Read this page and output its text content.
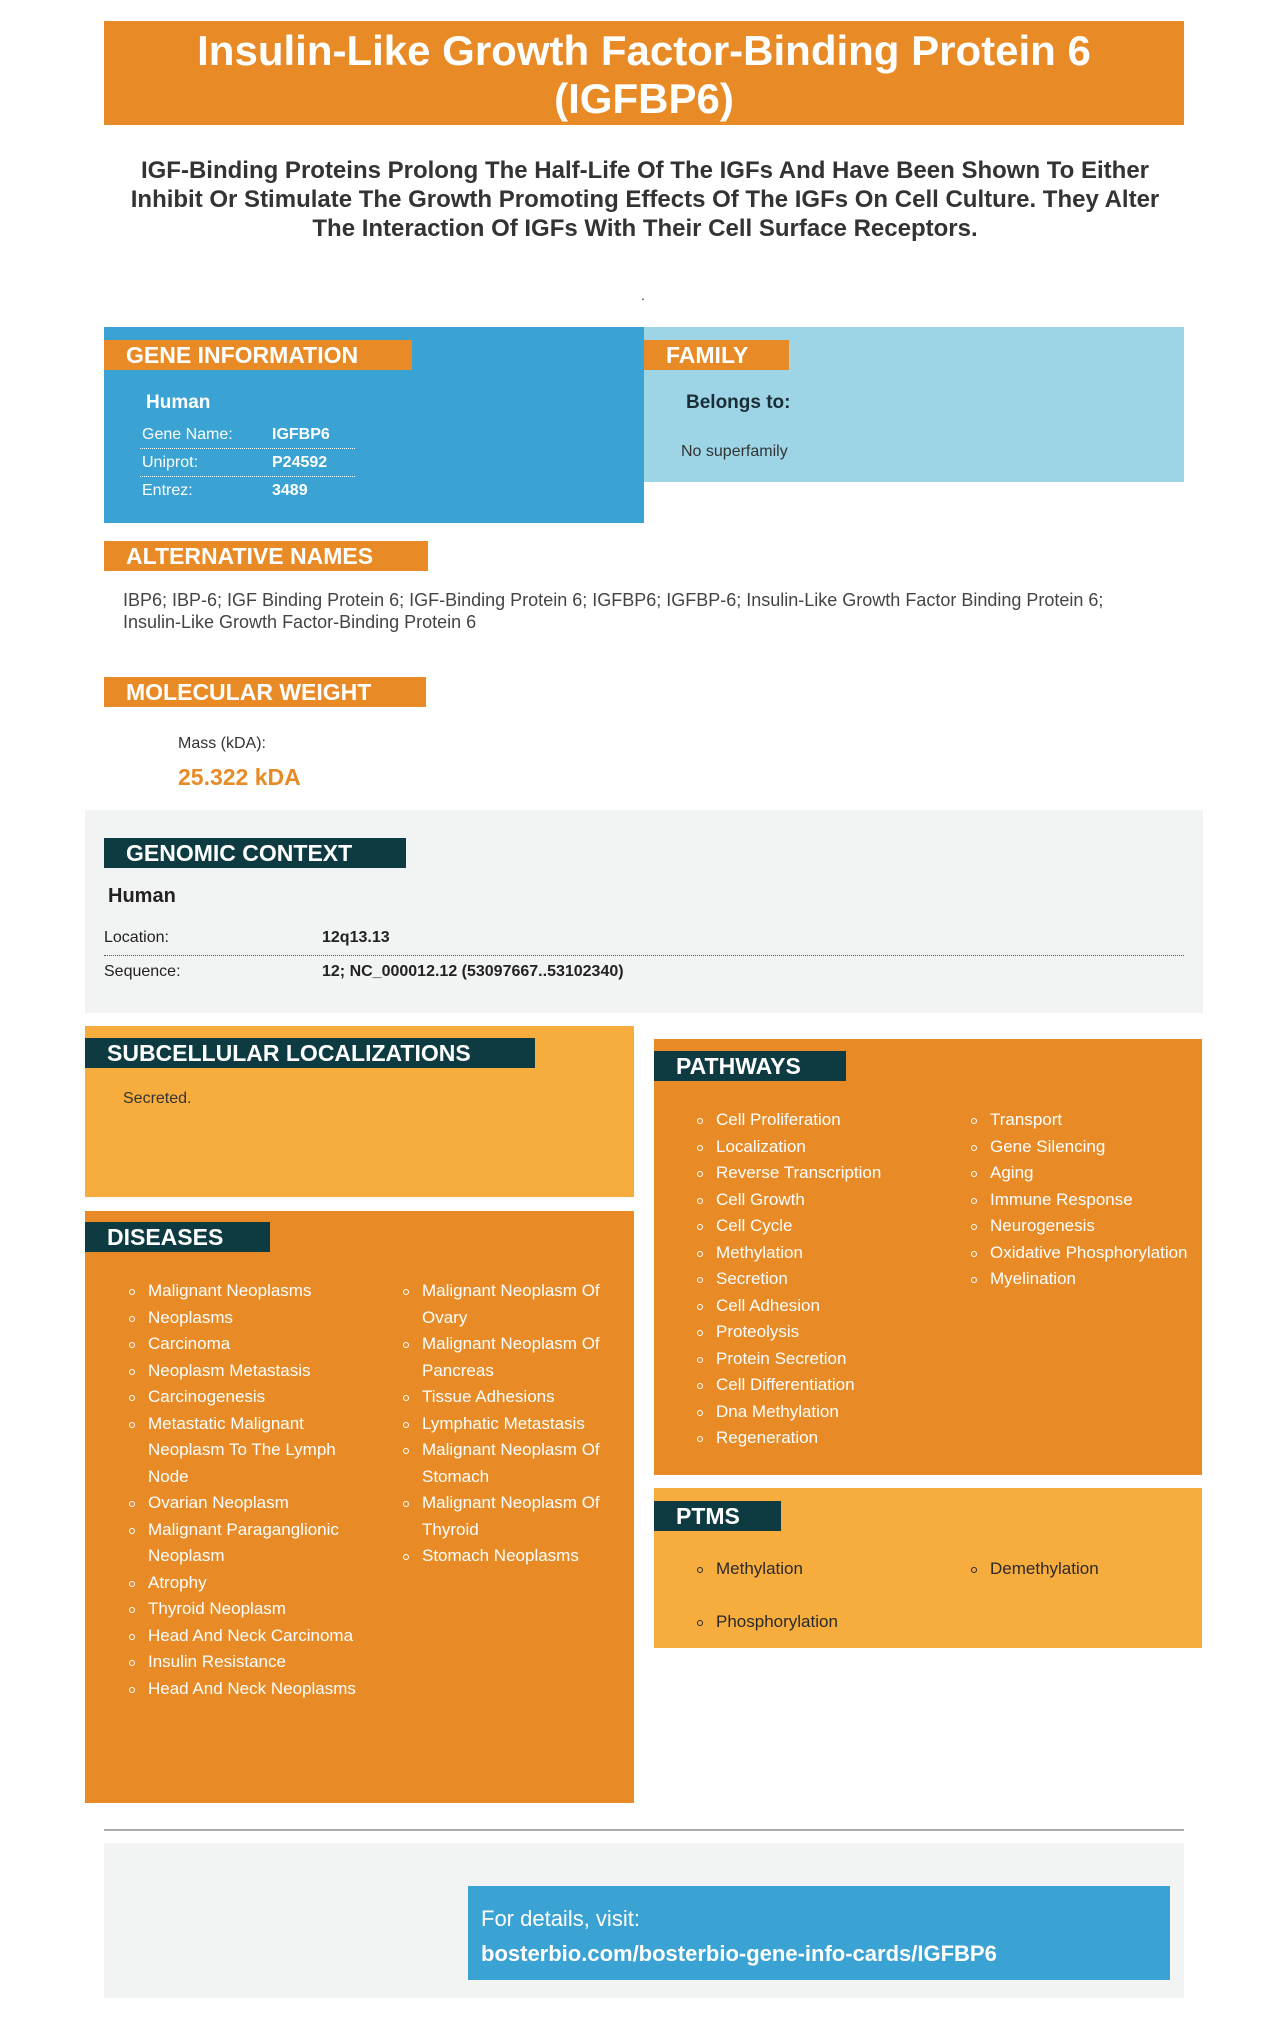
Insulin-Like Growth Factor-Binding Protein 6 (IGFBP6)
IGF-Binding Proteins Prolong The Half-Life Of The IGFs And Have Been Shown To Either Inhibit Or Stimulate The Growth Promoting Effects Of The IGFs On Cell Culture. They Alter The Interaction Of IGFs With Their Cell Surface Receptors.
.
GENE INFORMATION
Human
Gene Name: IGFBP6
Uniprot:	P24592
Entrez:	3489
FAMILY
Belongs to:
No superfamily
ALTERNATIVE NAMES
IBP6; IBP-6; IGF Binding Protein 6; IGF-Binding Protein 6; IGFBP6; IGFBP-6; Insulin-Like Growth Factor Binding Protein 6; Insulin-Like Growth Factor-Binding Protein 6
MOLECULAR WEIGHT
Mass (kDA):
25.322 kDA
GENOMIC CONTEXT
Human
Location:	12q13.13
Sequence:	12; NC_000012.12 (53097667..53102340)
SUBCELLULAR LOCALIZATIONS
Secreted.
DISEASES
Malignant Neoplasms
Neoplasms
Carcinoma
Neoplasm Metastasis
Carcinogenesis
Metastatic Malignant Neoplasm To The Lymph Node
Ovarian Neoplasm
Malignant Paraganglionic Neoplasm
Atrophy
Thyroid Neoplasm
Head And Neck Carcinoma
Insulin Resistance
Head And Neck Neoplasms
Malignant Neoplasm Of Ovary
Malignant Neoplasm Of Pancreas
Tissue Adhesions
Lymphatic Metastasis
Malignant Neoplasm Of Stomach
Malignant Neoplasm Of Thyroid
Stomach Neoplasms
PATHWAYS
Cell Proliferation
Localization
Reverse Transcription
Cell Growth
Cell Cycle
Methylation
Secretion
Cell Adhesion
Proteolysis
Protein Secretion
Cell Differentiation
Dna Methylation
Regeneration
Transport
Gene Silencing
Aging
Immune Response
Neurogenesis
Oxidative Phosphorylation
Myelination
PTMS
Methylation
Phosphorylation
Demethylation
For details, visit:
bosterbio.com/bosterbio-gene-info-cards/IGFBP6
